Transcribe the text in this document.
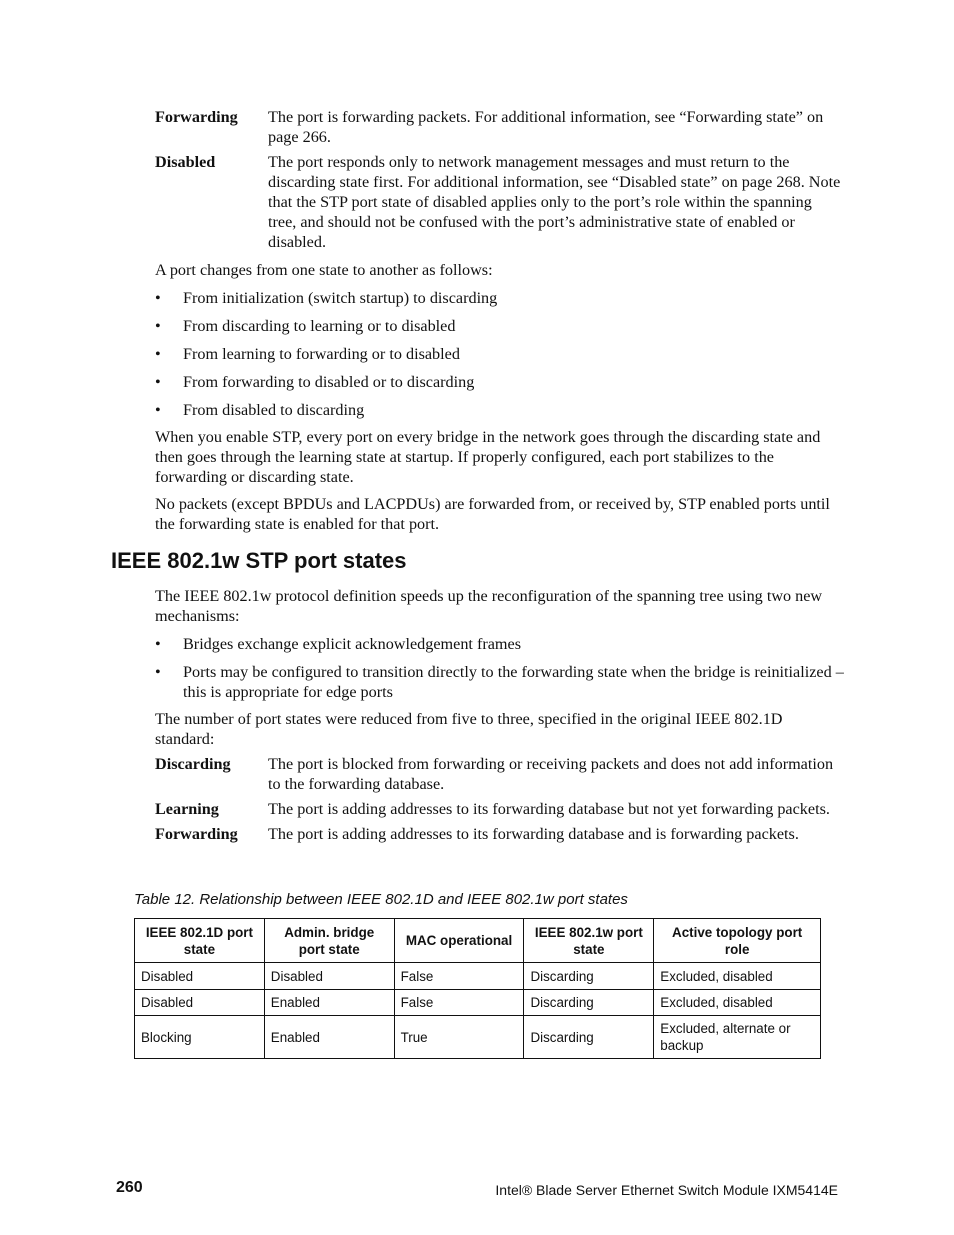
Forwarding	The port is forwarding packets. For additional information, see “Forwarding state” on page 266.
Disabled	The port responds only to network management messages and must return to the discarding state first. For additional information, see “Disabled state” on page 268. Note that the STP port state of disabled applies only to the port’s role within the spanning tree, and should not be confused with the port’s administrative state of enabled or disabled.

A port changes from one state to another as follows:

•	From initialization (switch startup) to discarding
•	From discarding to learning or to disabled
•	From learning to forwarding or to disabled
•	From forwarding to disabled or to discarding
•	From disabled to discarding

When you enable STP, every port on every bridge in the network goes through the discarding state and then goes through the learning state at startup. If properly configured, each port stabilizes to the forwarding or discarding state.

No packets (except BPDUs and LACPDUs) are forwarded from, or received by, STP enabled ports until the forwarding state is enabled for that port.

IEEE 802.1w STP port states

The IEEE 802.1w protocol definition speeds up the reconfiguration of the spanning tree using two new mechanisms:

•	Bridges exchange explicit acknowledgement frames
•	Ports may be configured to transition directly to the forwarding state when the bridge is reinitialized – this is appropriate for edge ports

The number of port states were reduced from five to three, specified in the original IEEE 802.1D standard:

Discarding	The port is blocked from forwarding or receiving packets and does not add information to the forwarding database.
Learning	The port is adding addresses to its forwarding database but not yet forwarding packets.
Forwarding	The port is adding addresses to its forwarding database and is forwarding packets.
Table 12. Relationship between IEEE 802.1D and IEEE 802.1w port states
IEEE 802.1D port state	Admin. bridge port state	MAC operational	IEEE 802.1w port state	Active topology port role
Disabled	Disabled	False	Discarding	Excluded, disabled
Disabled	Enabled	False	Discarding	Excluded, disabled
Blocking	Enabled	True	Discarding	Excluded, alternate or backup
260	Intel® Blade Server Ethernet Switch Module IXM5414E
